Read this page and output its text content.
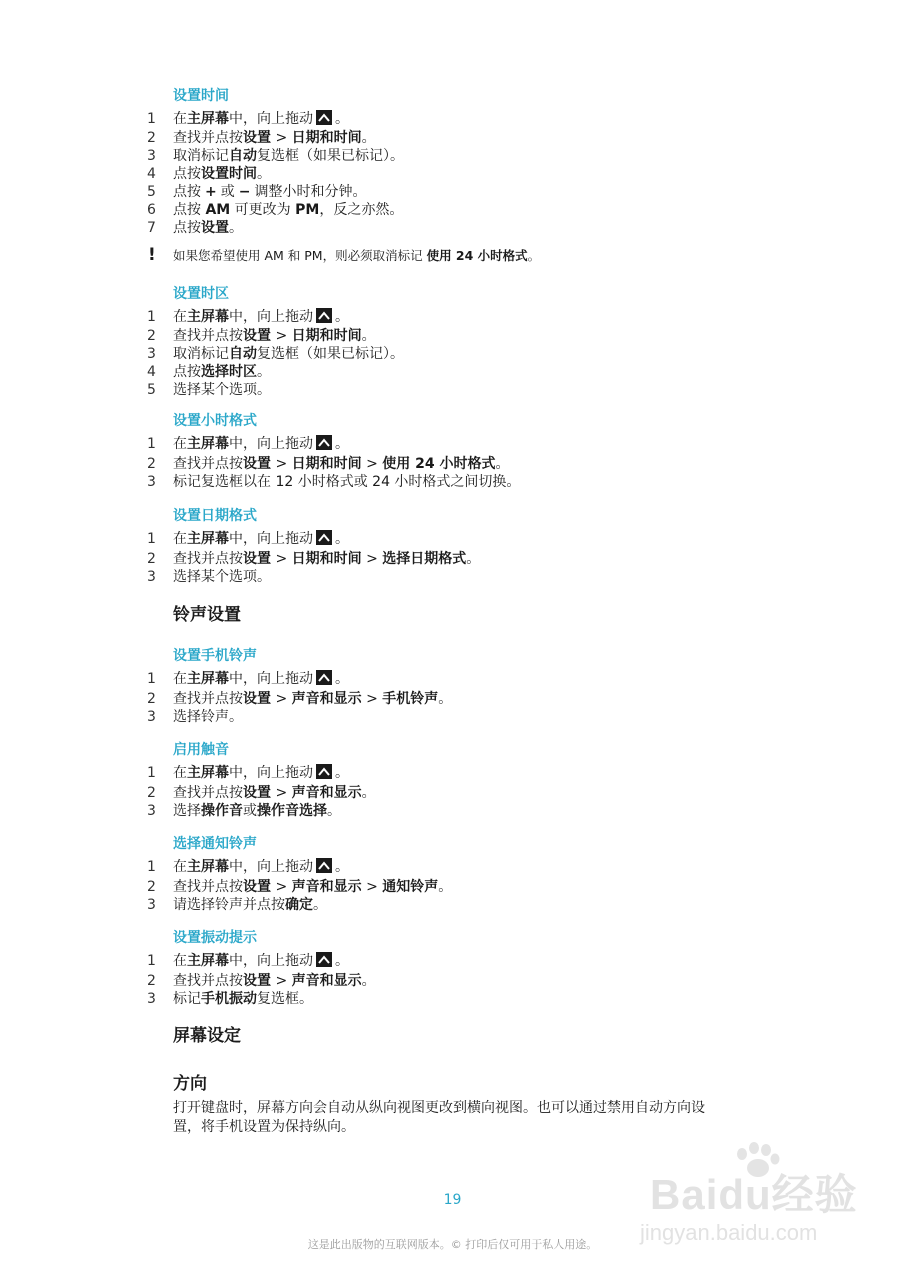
设置时间
1 在主屏幕中，向上拖动 。
2 查找并点按设置 > 日期和时间。
3 取消标记自动复选框（如果已标记）。
4 点按设置时间。
5 点按 + 或 − 调整小时和分钟。
6 点按 AM 可更改为 PM，反之亦然。
7 点按设置。
! 如果您希望使用 AM 和 PM，则必须取消标记 使用 24 小时格式。
设置时区
1 在主屏幕中，向上拖动 。
2 查找并点按设置 > 日期和时间。
3 取消标记自动复选框（如果已标记）。
4 点按选择时区。
5 选择某个选项。
设置小时格式
1 在主屏幕中，向上拖动 。
2 查找并点按设置 > 日期和时间 > 使用 24 小时格式。
3 标记复选框以在 12 小时格式或 24 小时格式之间切换。
设置日期格式
1 在主屏幕中，向上拖动 。
2 查找并点按设置 > 日期和时间 > 选择日期格式。
3 选择某个选项。
铃声设置
设置手机铃声
1 在主屏幕中，向上拖动 。
2 查找并点按设置 > 声音和显示 > 手机铃声。
3 选择铃声。
启用触音
1 在主屏幕中，向上拖动 。
2 查找并点按设置 > 声音和显示。
3 选择操作音或操作音选择。
选择通知铃声
1 在主屏幕中，向上拖动 。
2 查找并点按设置 > 声音和显示 > 通知铃声。
3 请选择铃声并点按确定。
设置振动提示
1 在主屏幕中，向上拖动 。
2 查找并点按设置 > 声音和显示。
3 标记手机振动复选框。
屏幕设定
方向
打开键盘时，屏幕方向会自动从纵向视图更改到横向视图。也可以通过禁用自动方向设
置，将手机设置为保持纵向。
19
这是此出版物的互联网版本。© 打印后仅可用于私人用途。
Baidu经验
jingyan.baidu.com
